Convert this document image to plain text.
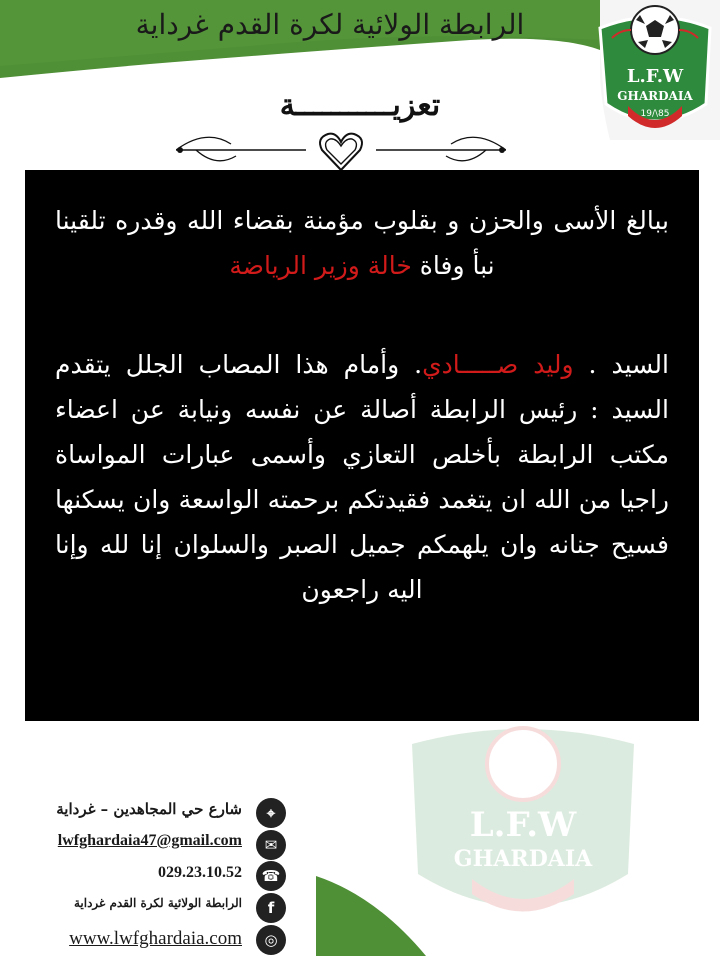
الرابطة الولائية لكرة القدم غرداية
L.F.W
GHARDAIA
19/\85
تعزيـــــــــــة
ببالغ الأسى والحزن و بقلوب مؤمنة بقضاء الله وقدره تلقينا نبأ وفاة خالة وزير الرياضة
السيد . وليد صـــــادي. وأمام هذا المصاب الجلل يتقدم السيد : رئيس الرابطة أصالة عن نفسه ونيابة عن اعضاء مكتب الرابطة بأخلص التعازي وأسمى عبارات المواساة راجيا من الله ان يتغمد فقيدتكم برحمته الواسعة وان يسكنها فسيح جنانه وان يلهمكم جميل الصبر والسلوان إنا لله وإنا اليه راجعون
L.F.W
GHARDAIA
شارع حي المجاهدين – غرداية
lwfghardaia47@gmail.com
029.23.10.52
الرابطة الولائية لكرة القدم غرداية
www.lwfghardaia.com
⌖
✉
☎
f
◎
